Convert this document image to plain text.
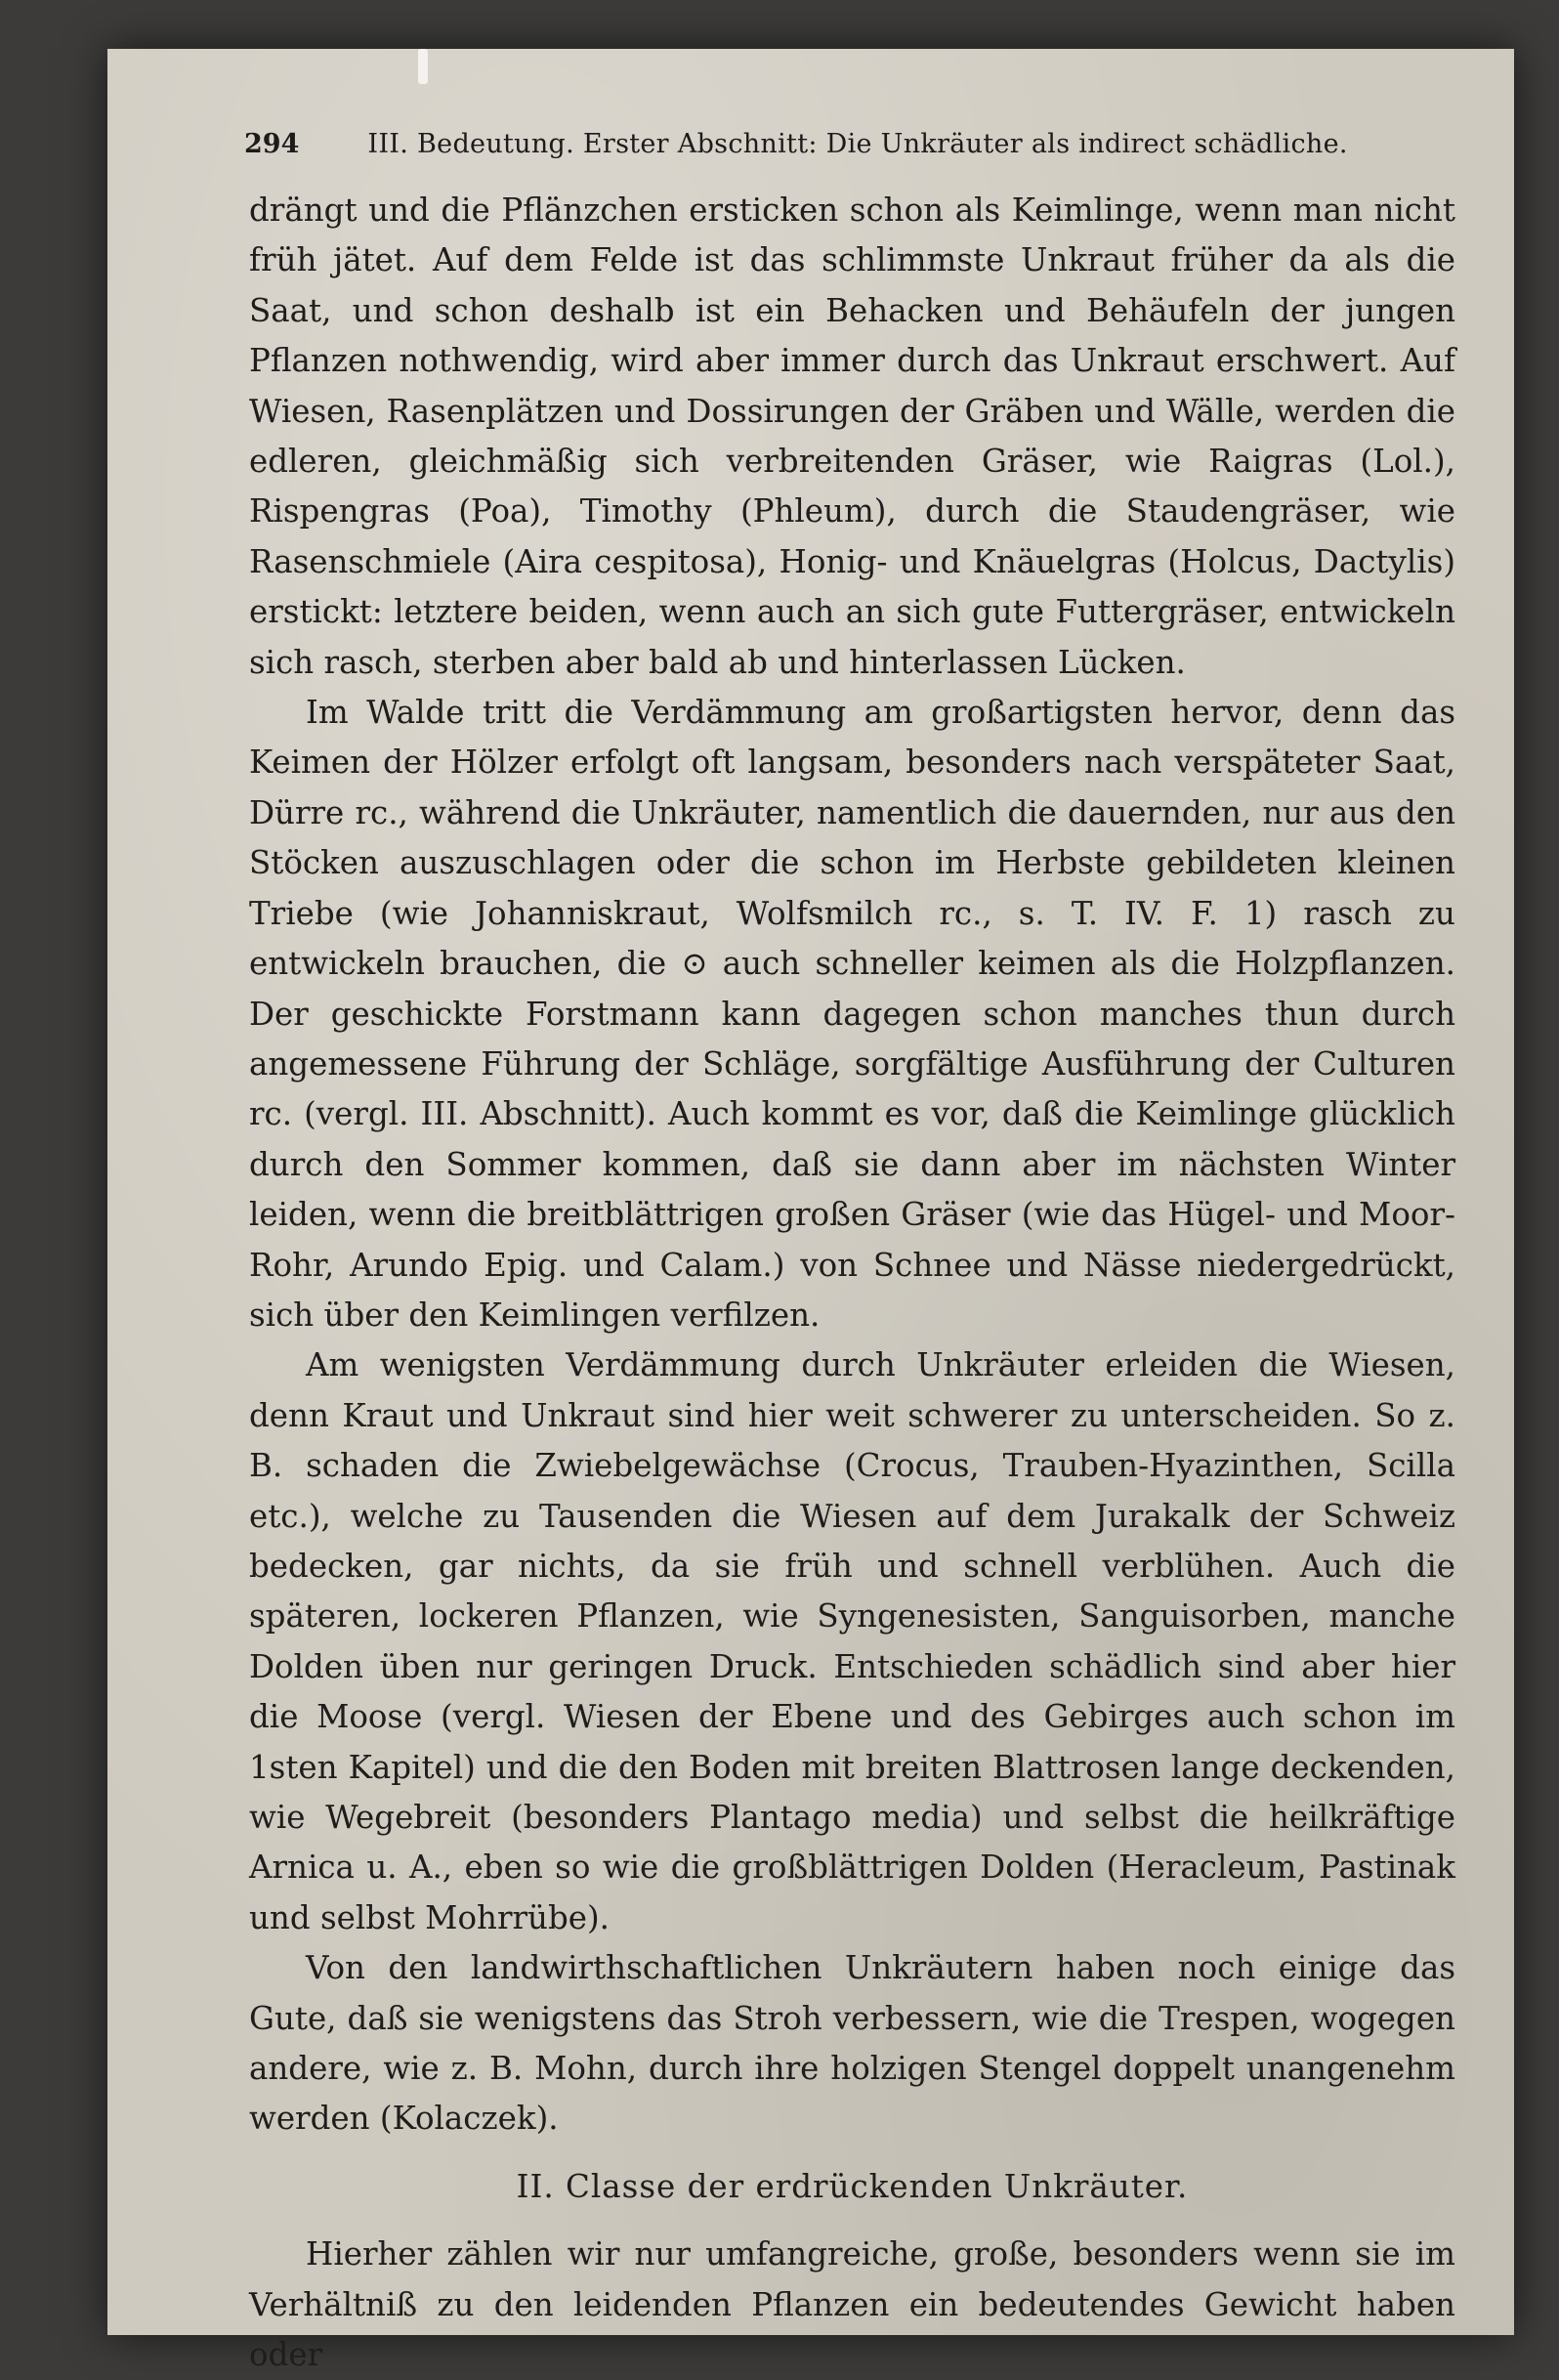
294	III. Bedeutung. Erster Abschnitt: Die Unkräuter als indirect schädliche.

drängt und die Pflänzchen ersticken schon als Keimlinge, wenn man nicht früh jätet. Auf dem Felde ist das schlimmste Unkraut früher da als die Saat, und schon deshalb ist ein Behacken und Behäufeln der jungen Pflanzen nothwendig, wird aber immer durch das Unkraut erschwert. Auf Wiesen, Rasenplätzen und Dossirungen der Gräben und Wälle, werden die edleren, gleichmäßig sich verbreitenden Gräser, wie Raigras (Lol.), Rispengras (Poa), Timothy (Phleum), durch die Staudengräser, wie Rasenschmiele (Aira cespitosa), Honig- und Knäuelgras (Holcus, Dactylis) erstickt: letztere beiden, wenn auch an sich gute Futtergräser, entwickeln sich rasch, sterben aber bald ab und hinterlassen Lücken.

Im Walde tritt die Verdämmung am großartigsten hervor, denn das Keimen der Hölzer erfolgt oft langsam, besonders nach verspäteter Saat, Dürre rc., während die Unkräuter, namentlich die dauernden, nur aus den Stöcken auszuschlagen oder die schon im Herbste gebildeten kleinen Triebe (wie Johanniskraut, Wolfsmilch rc., s. T. IV. F. 1) rasch zu entwickeln brauchen, die ⊙ auch schneller keimen als die Holzpflanzen. Der geschickte Forstmann kann dagegen schon manches thun durch angemessene Führung der Schläge, sorgfältige Ausführung der Culturen rc. (vergl. III. Abschnitt). Auch kommt es vor, daß die Keimlinge glücklich durch den Sommer kommen, daß sie dann aber im nächsten Winter leiden, wenn die breitblättrigen großen Gräser (wie das Hügel- und Moor-Rohr, Arundo Epig. und Calam.) von Schnee und Nässe niedergedrückt, sich über den Keimlingen verfilzen.

Am wenigsten Verdämmung durch Unkräuter erleiden die Wiesen, denn Kraut und Unkraut sind hier weit schwerer zu unterscheiden. So z. B. schaden die Zwiebelgewächse (Crocus, Trauben-Hyazinthen, Scilla etc.), welche zu Tausenden die Wiesen auf dem Jurakalk der Schweiz bedecken, gar nichts, da sie früh und schnell verblühen. Auch die späteren, lockeren Pflanzen, wie Syngenesisten, Sanguisorben, manche Dolden üben nur geringen Druck. Entschieden schädlich sind aber hier die Moose (vergl. Wiesen der Ebene und des Gebirges auch schon im 1sten Kapitel) und die den Boden mit breiten Blattrosen lange deckenden, wie Wegebreit (besonders Plantago media) und selbst die heilkräftige Arnica u. A., eben so wie die großblättrigen Dolden (Heracleum, Pastinak und selbst Mohrrübe).

Von den landwirthschaftlichen Unkräutern haben noch einige das Gute, daß sie wenigstens das Stroh verbessern, wie die Trespen, wogegen andere, wie z. B. Mohn, durch ihre holzigen Stengel doppelt unangenehm werden (Kolaczek).

II. Classe der erdrückenden Unkräuter.

Hierher zählen wir nur umfangreiche, große, besonders wenn sie im Verhältniß zu den leidenden Pflanzen ein bedeutendes Gewicht haben oder
